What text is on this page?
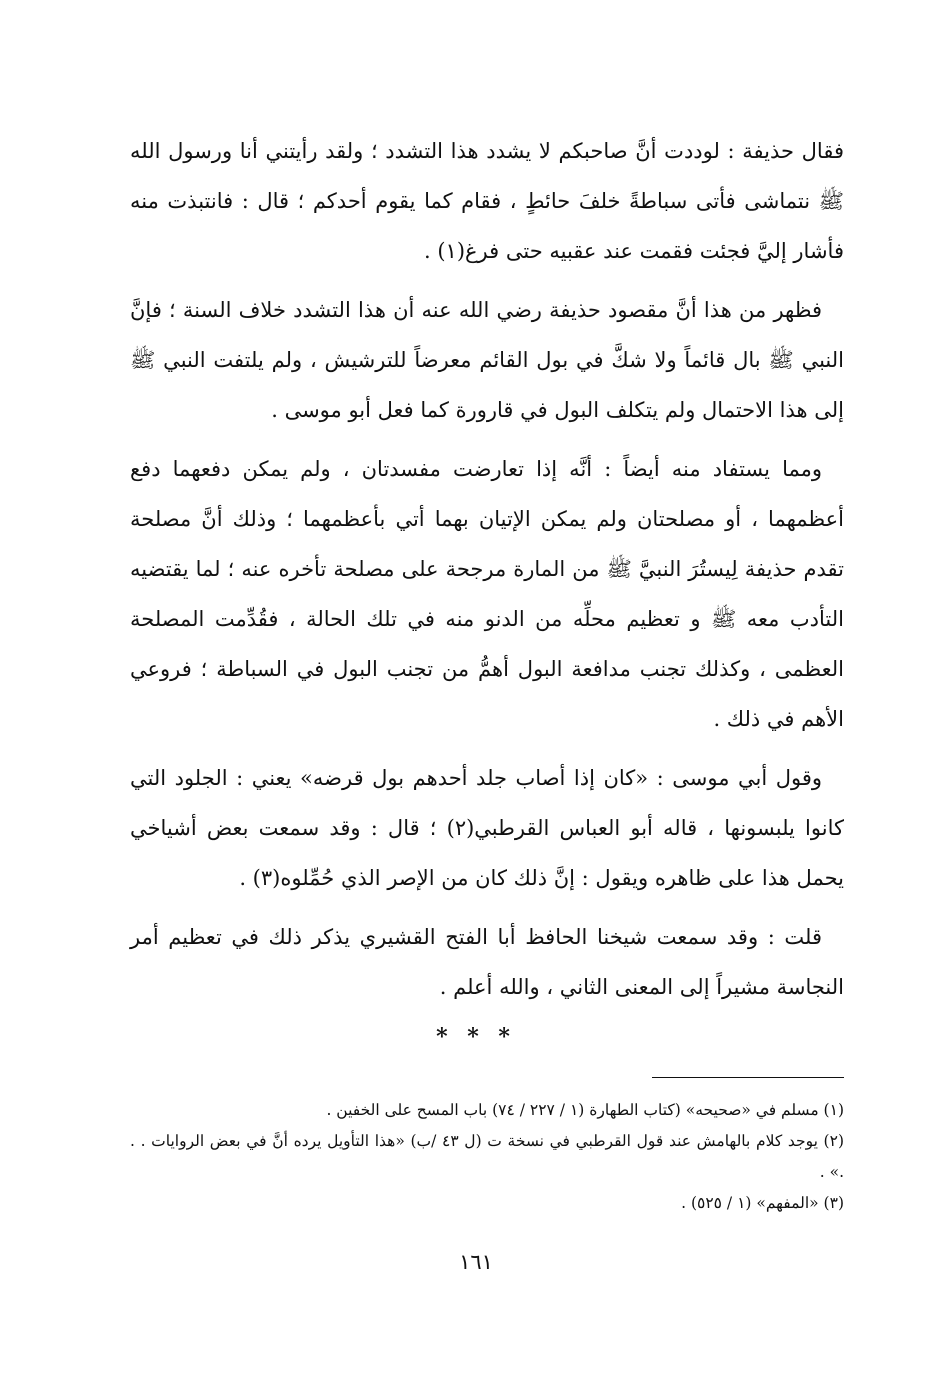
فقال حذيفة : لوددت أنَّ صاحبكم لا يشدد هذا التشدد ؛ ولقد رأيتني أنا ورسول الله ﷺ نتماشى فأتى سباطةً خلفَ حائطٍ ، فقام كما يقوم أحدكم ؛ قال : فانتبذت منه فأشار إليَّ فجئت فقمت عند عقبيه حتى فرغ(١) .

فظهر من هذا أنَّ مقصود حذيفة رضي الله عنه أن هذا التشدد خلاف السنة ؛ فإنَّ النبي ﷺ بال قائماً ولا شكَّ في بول القائم معرضاً للترشيش ، ولم يلتفت النبي ﷺ إلى هذا الاحتمال ولم يتكلف البول في قارورة كما فعل أبو موسى .

ومما يستفاد منه أيضاً : أنَّه إذا تعارضت مفسدتان ، ولم يمكن دفعهما دفع أعظمهما ، أو مصلحتان ولم يمكن الإتيان بهما أتي بأعظمهما ؛ وذلك أنَّ مصلحة تقدم حذيفة لِيستُرَ النبيَّ ﷺ من المارة مرجحة على مصلحة تأخره عنه ؛ لما يقتضيه التأدب معه ﷺ و تعظيم محلِّه من الدنو منه في تلك الحالة ، فقُدِّمت المصلحة العظمى ، وكذلك تجنب مدافعة البول أهمُّ من تجنب البول في السباطة ؛ فروعي الأهم في ذلك .

وقول أبي موسى : «كان إذا أصاب جلد أحدهم بول قرضه» يعني : الجلود التي كانوا يلبسونها ، قاله أبو العباس القرطبي(٢) ؛ قال : وقد سمعت بعض أشياخي يحمل هذا على ظاهره ويقول : إنَّ ذلك كان من الإصر الذي حُمِّلوه(٣) .

قلت : وقد سمعت شيخنا الحافظ أبا الفتح القشيري يذكر ذلك في تعظيم أمر النجاسة مشيراً إلى المعنى الثاني ، والله أعلم .

* * *

(١) مسلم في «صحيحه» (كتاب الطهارة (١ / ٢٢٧ / ٧٤) باب المسح على الخفين .

(٢) يوجد كلام بالهامش عند قول القرطبي في نسخة ت (ل ٤٣ /ب) «هذا التأويل يرده أنَّ في بعض الروايات . . .» .

(٣) «المفهم» (١ / ٥٢٥) .

١٦١
